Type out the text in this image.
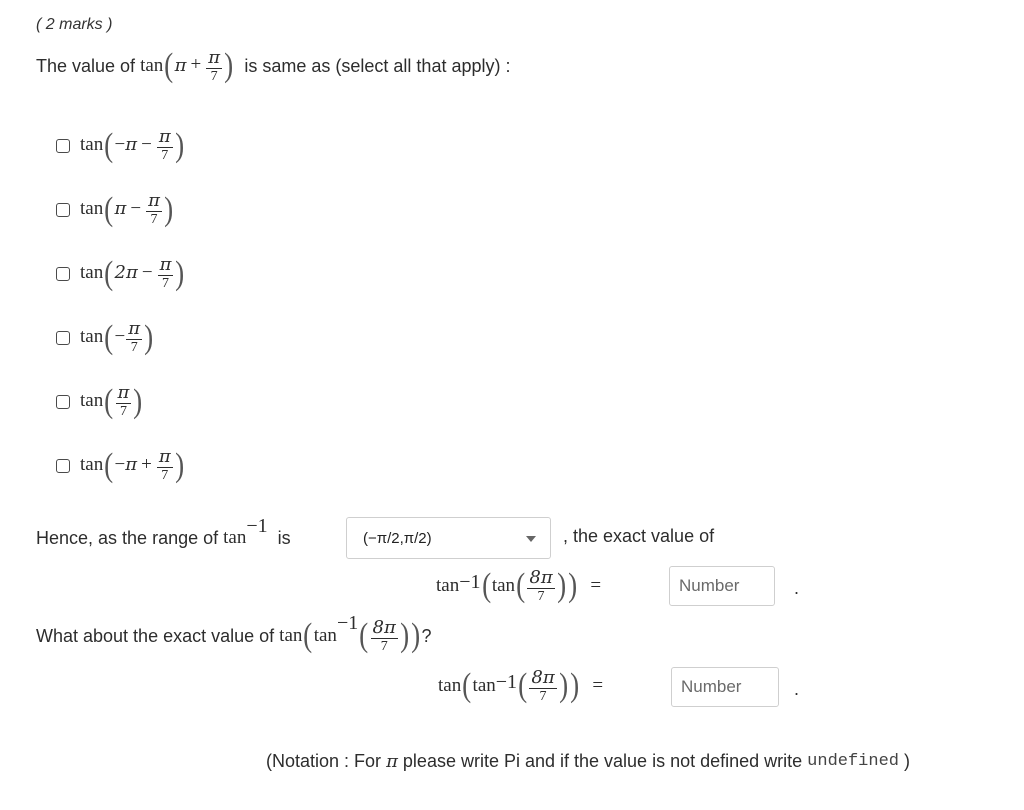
( 2 marks )
The value of
$\tan(\pi + \frac{\pi}{7}$ )
is same as (select all that apply) :
$\tan(-\pi - \frac{\pi}{7}$ )
$\tan(\pi - \frac{\pi}{7}$ )
$\tan(2\pi - \frac{\pi}{7}$ )
$\tan(- \frac{\pi}{7}$ )
$\tan( \frac{\pi}{7}$ )
$\tan(-\pi + \frac{\pi}{7}$ )
Hence, as the range of
$\tan^{-1}$

is	(−π/2,π/2)	, the exact value of
$\tan^{-1}$ ( tan ( $\frac{8\pi}{7}$ ) ) =
Number	.
What about the exact value of
$\tan(\tan^{-1}( \frac{8\pi}{7}$ )) ?
tan ( $\tan^{-1}$ ( $\frac{8\pi}{7}$ ) ) =
Number	.
(Notation : For
π
please write Pi and if the value is not defined write
undefined
)
